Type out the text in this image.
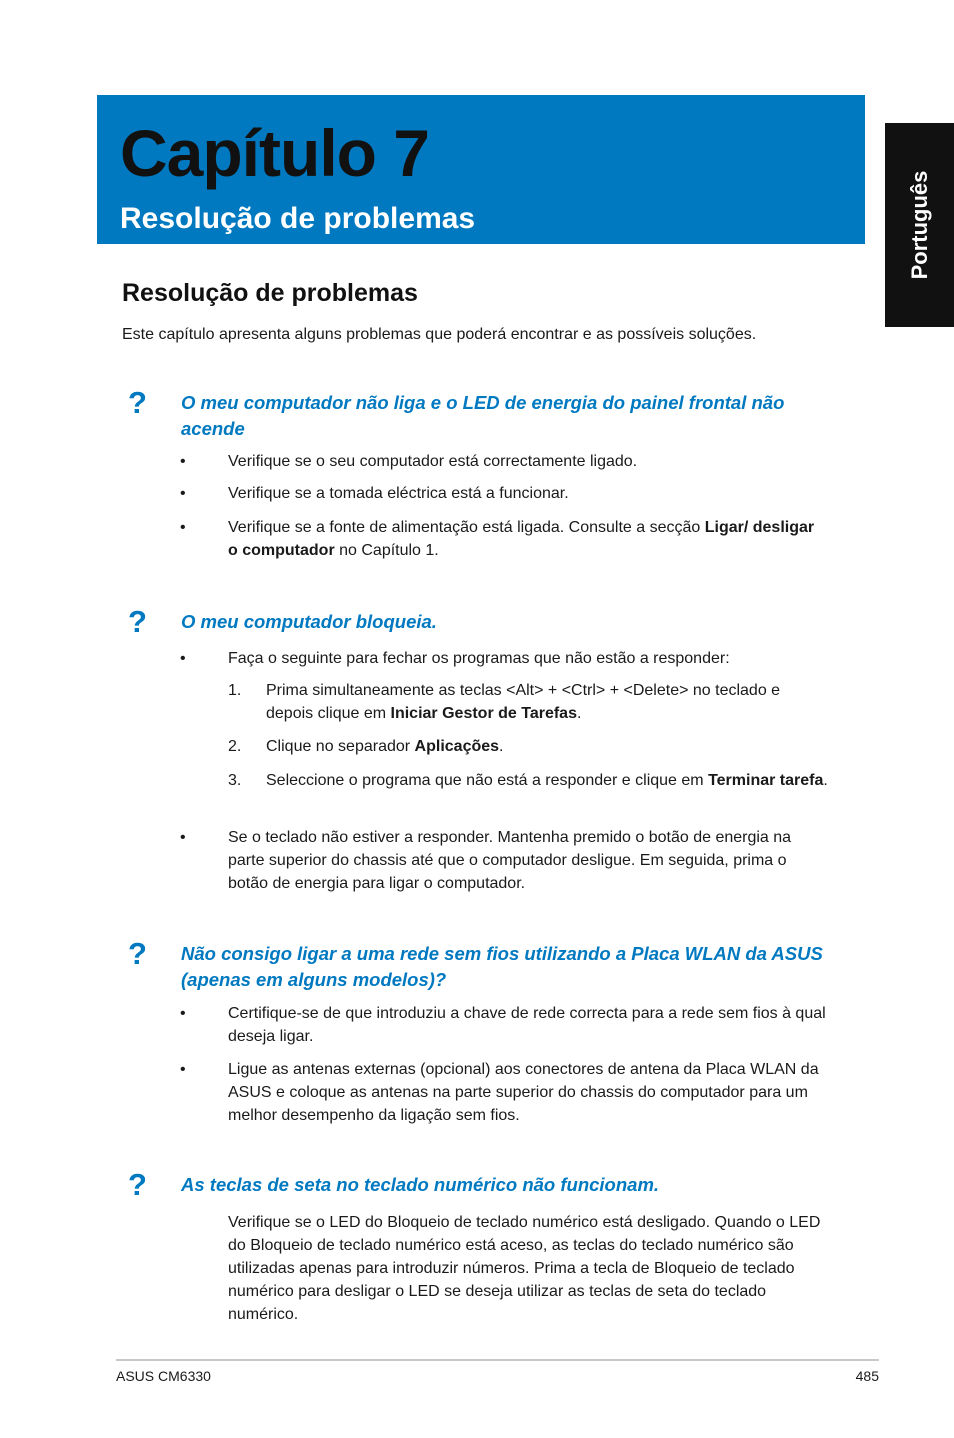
Capítulo 7
Resolução de problemas	Português
Resolução de problemas

Este capítulo apresenta alguns problemas que poderá encontrar e as possíveis soluções.

? O meu computador não liga e o LED de energia do painel frontal não acende

•	Verifique se o seu computador está correctamente ligado.
•	Verifique se a tomada eléctrica está a funcionar.
•	Verifique se a fonte de alimentação está ligada. Consulte a secção Ligar/ desligar o computador no Capítulo 1.
? O meu computador bloqueia.

•	Faça o seguinte para fechar os programas que não estão a responder:
1. Prima simultaneamente as teclas <Alt> + <Ctrl> + <Delete> no teclado e depois clique em Iniciar Gestor de Tarefas.
2. Clique no separador Aplicações.
3. Seleccione o programa que não está a responder e clique em Terminar tarefa.
•	Se o teclado não estiver a responder. Mantenha premido o botão de energia na parte superior do chassis até que o computador desligue. Em seguida, prima o botão de energia para ligar o computador.
? Não consigo ligar a uma rede sem fios utilizando a Placa WLAN da ASUS (apenas em alguns modelos)?

•	Certifique-se de que introduziu a chave de rede correcta para a rede sem fios à qual deseja ligar.
•	Ligue as antenas externas (opcional) aos conectores de antena da Placa WLAN da ASUS e coloque as antenas na parte superior do chassis do computador para um melhor desempenho da ligação sem fios.
? As teclas de seta no teclado numérico não funcionam.

Verifique se o LED do Bloqueio de teclado numérico está desligado. Quando o LED do Bloqueio de teclado numérico está aceso, as teclas do teclado numérico são utilizadas apenas para introduzir números. Prima a tecla de Bloqueio de teclado numérico para desligar o LED se deseja utilizar as teclas de seta do teclado numérico.

ASUS CM6330	485
